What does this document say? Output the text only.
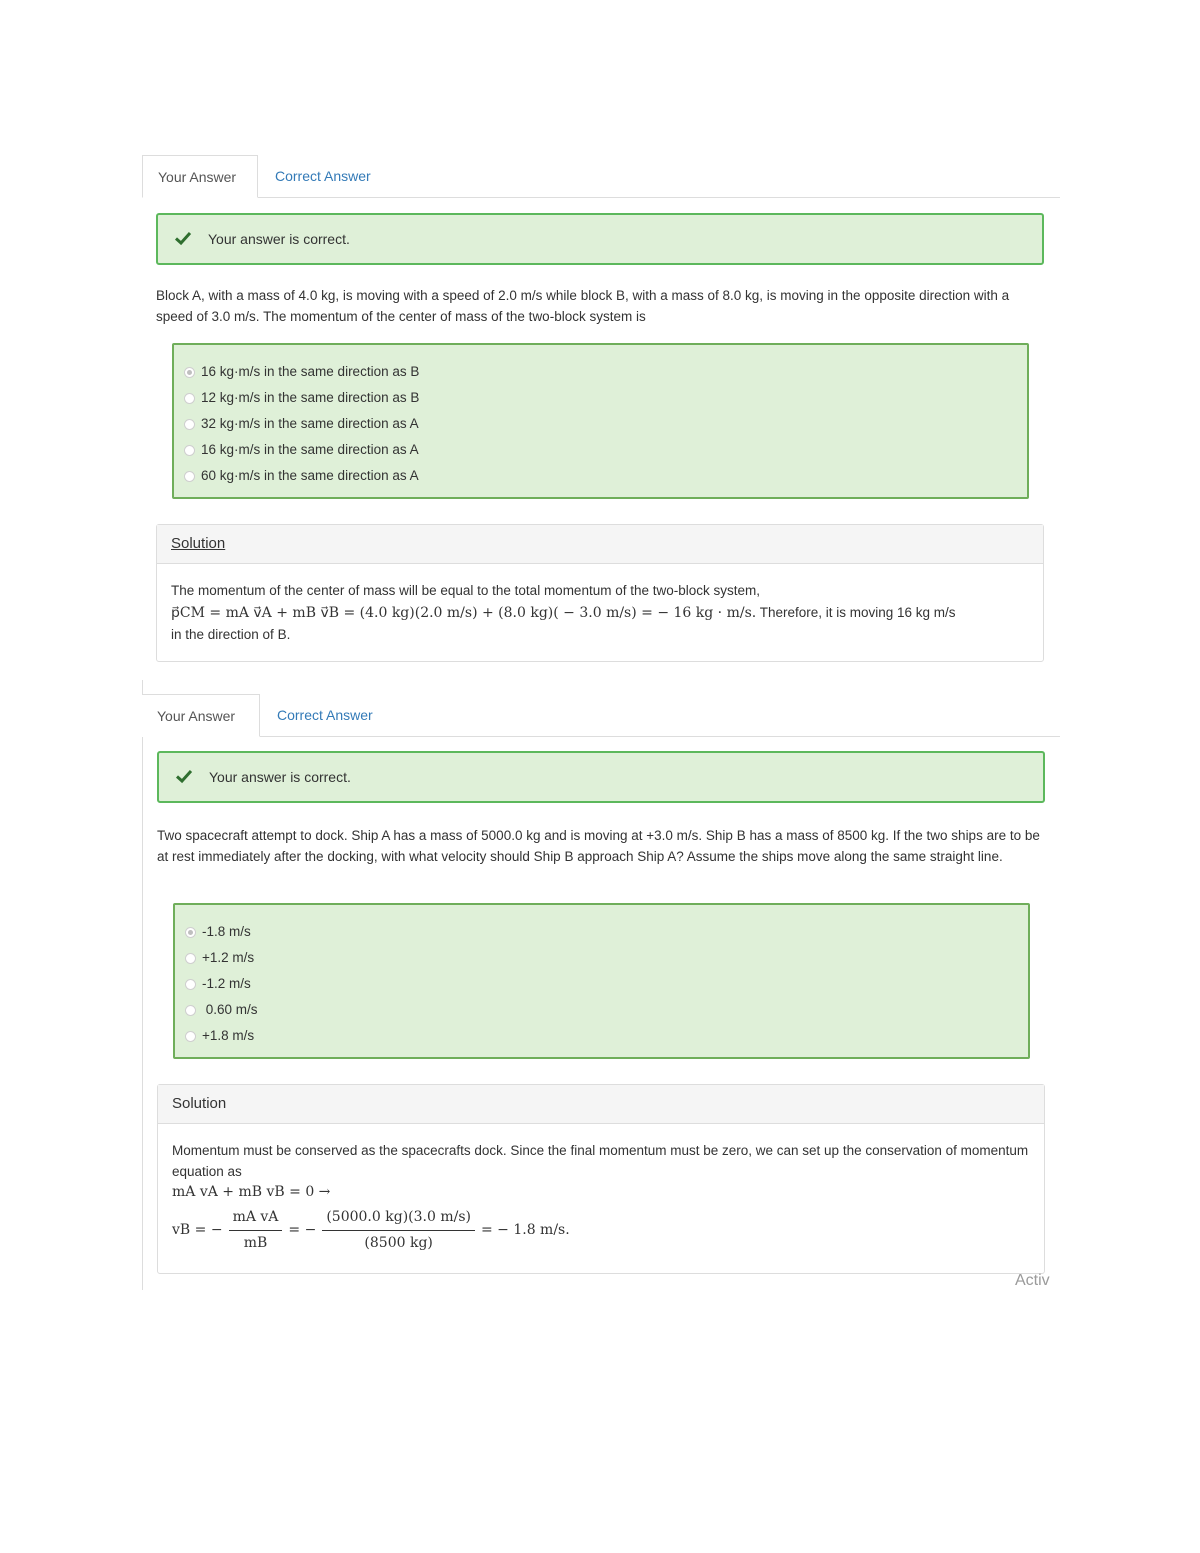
Your Answer	Correct Answer
Your answer is correct.
Block A, with a mass of 4.0 kg, is moving with a speed of 2.0 m/s while block B, with a mass of 8.0 kg, is moving in the opposite direction with a speed of 3.0 m/s. The momentum of the center of mass of the two-block system is
16 kg·m/s in the same direction as B
12 kg·m/s in the same direction as B
32 kg·m/s in the same direction as A
16 kg·m/s in the same direction as A
60 kg·m/s in the same direction as A
Solution
The momentum of the center of mass will be equal to the total momentum of the two-block system,
p⃗CM = mA v⃗A + mB v⃗B = (4.0 kg)(2.0 m/s) + (8.0 kg)( − 3.0 m/s) = − 16 kg · m/s. Therefore, it is moving 16 kg m/s
in the direction of B.
Your Answer	Correct Answer
Your answer is correct.
Two spacecraft attempt to dock. Ship A has a mass of 5000.0 kg and is moving at +3.0 m/s. Ship B has a mass of 8500 kg. If the two ships are to be at rest immediately after the docking, with what velocity should Ship B approach Ship A? Assume the ships move along the same straight line.
-1.8 m/s
+1.2 m/s
-1.2 m/s
0.60 m/s
+1.8 m/s
Solution
Momentum must be conserved as the spacecrafts dock. Since the final momentum must be zero, we can set up the conservation of momentum equation as
mA vA + mB vB = 0 →
vB = − $\frac{\text{mA vA}}{mB}$ = − $\frac{(5000.0 kg)(3.0 m/s)}{(8500 kg)}$ = − 1.8 m/s.
Activ
